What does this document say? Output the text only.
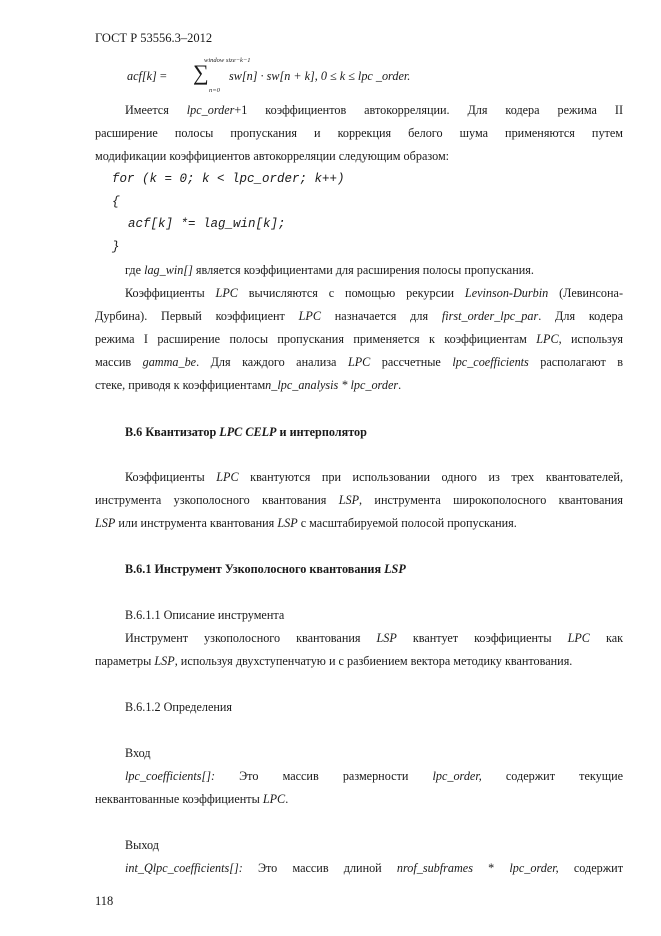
ГОСТ Р 53556.3–2012
window size−k−1
acf[k] = ∑
n=0
sw[n] · sw[n + k], 0 ≤ k ≤ lpc _order.
Имеется lpc_order+1 коэффициентов автокорреляции. Для кодера режима II
расширение полосы пропускания и коррекция белого шума применяются путем
модификации коэффициентов автокорреляции следующим образом:
for (k = 0; k < lpc_order; k++)
{
acf[k] *= lag_win[k];
}
где lag_win[] является коэффициентами для расширения полосы пропускания.
Коэффициенты LPC вычисляются с помощью рекурсии Levinson-Durbin (Левинсона-
Дурбина). Первый коэффициент LPC назначается для first_order_lpc_par. Для кодера
режима I расширение полосы пропускания применяется к коэффициентам LPC, используя
массив gamma_be. Для каждого анализа LPC рассчетные lpc_coefficients располагают в
стеке, приводя к коэффициентамn_lpc_analysis * lpc_order.
В.6 Квантизатор LPC CELP и интерполятор
Коэффициенты LPC квантуются при использовании одного из трех квантователей,
инструмента узкополосного квантования LSP, инструмента широкополосного квантования
LSP или инструмента квантования LSP с масштабируемой полосой пропускания.
В.6.1 Инструмент Узкополосного квантования LSP
В.6.1.1 Описание инструмента
Инструмент узкополосного квантования LSP квантует коэффициенты LPC как
параметры LSP, используя двухступенчатую и с разбиением вектора методику квантования.
В.6.1.2 Определения
Вход
lpc_coefficients[]: Это массив размерности lpc_order, содержит текущие
неквантованные коэффициенты LPC.
Выход
int_Qlpc_coefficients[]: Это массив длиной nrof_subframes * lpc_order, содержит
118
